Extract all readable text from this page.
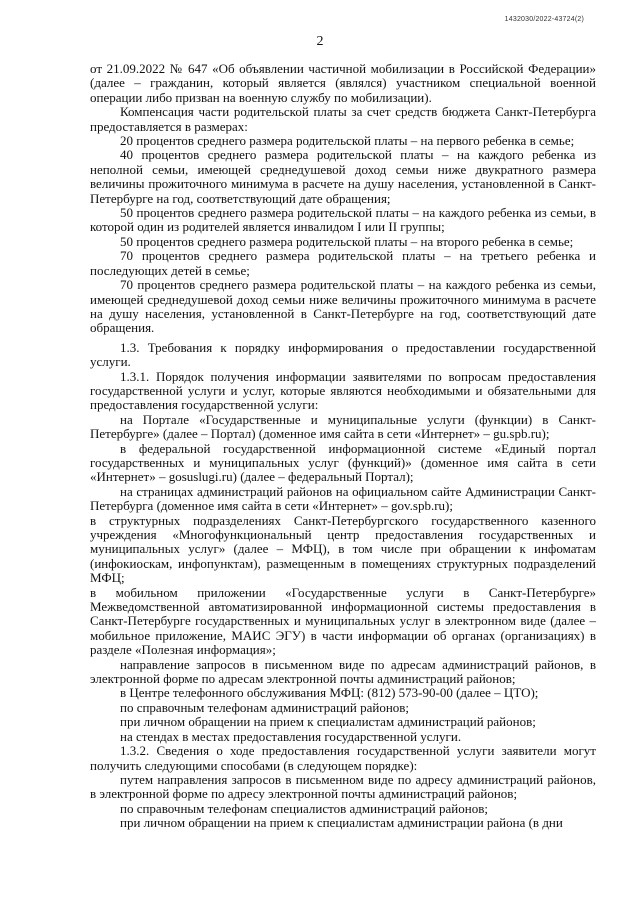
1432030/2022-43724(2)
2

от 21.09.2022 № 647 «Об объявлении частичной мобилизации в Российской Федерации» (далее – гражданин, который является (являлся) участником специальной военной операции либо призван на военную службу по мобилизации).

Компенсация части родительской платы за счет средств бюджета Санкт-Петербурга предоставляется в размерах:

20 процентов среднего размера родительской платы – на первого ребенка в семье;

40 процентов среднего размера родительской платы – на каждого ребенка из неполной семьи, имеющей среднедушевой доход семьи ниже двукратного размера величины прожиточного минимума в расчете на душу населения, установленной в Санкт-Петербурге на год, соответствующий дате обращения;

50 процентов среднего размера родительской платы – на каждого ребенка из семьи, в которой один из родителей является инвалидом I или II группы;

50 процентов среднего размера родительской платы – на второго ребенка в семье;

70 процентов среднего размера родительской платы – на третьего ребенка и последующих детей в семье;

70 процентов среднего размера родительской платы – на каждого ребенка из семьи, имеющей среднедушевой доход семьи ниже величины прожиточного минимума в расчете на душу населения, установленной в Санкт-Петербурге на год, соответствующий дате обращения.

1.3. Требования к порядку информирования о предоставлении государственной услуги.

1.3.1. Порядок получения информации заявителями по вопросам предоставления государственной услуги и услуг, которые являются необходимыми и обязательными для предоставления государственной услуги:

на Портале «Государственные и муниципальные услуги (функции) в Санкт-Петербурге» (далее – Портал) (доменное имя сайта в сети «Интернет» – gu.spb.ru);

в федеральной государственной информационной системе «Единый портал государственных и муниципальных услуг (функций)» (доменное имя сайта в сети «Интернет» – gosuslugi.ru) (далее – федеральный Портал);

на страницах администраций районов на официальном сайте Администрации Санкт-Петербурга (доменное имя сайта в сети «Интернет» – gov.spb.ru);

в структурных подразделениях Санкт-Петербургского государственного казенного учреждения «Многофункциональный центр предоставления государственных и муниципальных услуг» (далее – МФЦ), в том числе при обращении к инфоматам (инфокиоскам, инфопунктам), размещенным в помещениях структурных подразделений МФЦ;

в мобильном приложении «Государственные услуги в Санкт-Петербурге» Межведомственной автоматизированной информационной системы предоставления в Санкт-Петербурге государственных и муниципальных услуг в электронном виде (далее – мобильное приложение, МАИС ЭГУ) в части информации об органах (организациях) в разделе «Полезная информация»;

направление запросов в письменном виде по адресам администраций районов, в электронной форме по адресам электронной почты администраций районов;

в Центре телефонного обслуживания МФЦ: (812) 573-90-00 (далее – ЦТО);

по справочным телефонам администраций районов;

при личном обращении на прием к специалистам администраций районов;

на стендах в местах предоставления государственной услуги.

1.3.2. Сведения о ходе предоставления государственной услуги заявители могут получить следующими способами (в следующем порядке):

путем направления запросов в письменном виде по адресу администраций районов, в электронной форме по адресу электронной почты администраций районов;

по справочным телефонам специалистов администраций районов;

при личном обращении на прием к специалистам администрации района (в дни
